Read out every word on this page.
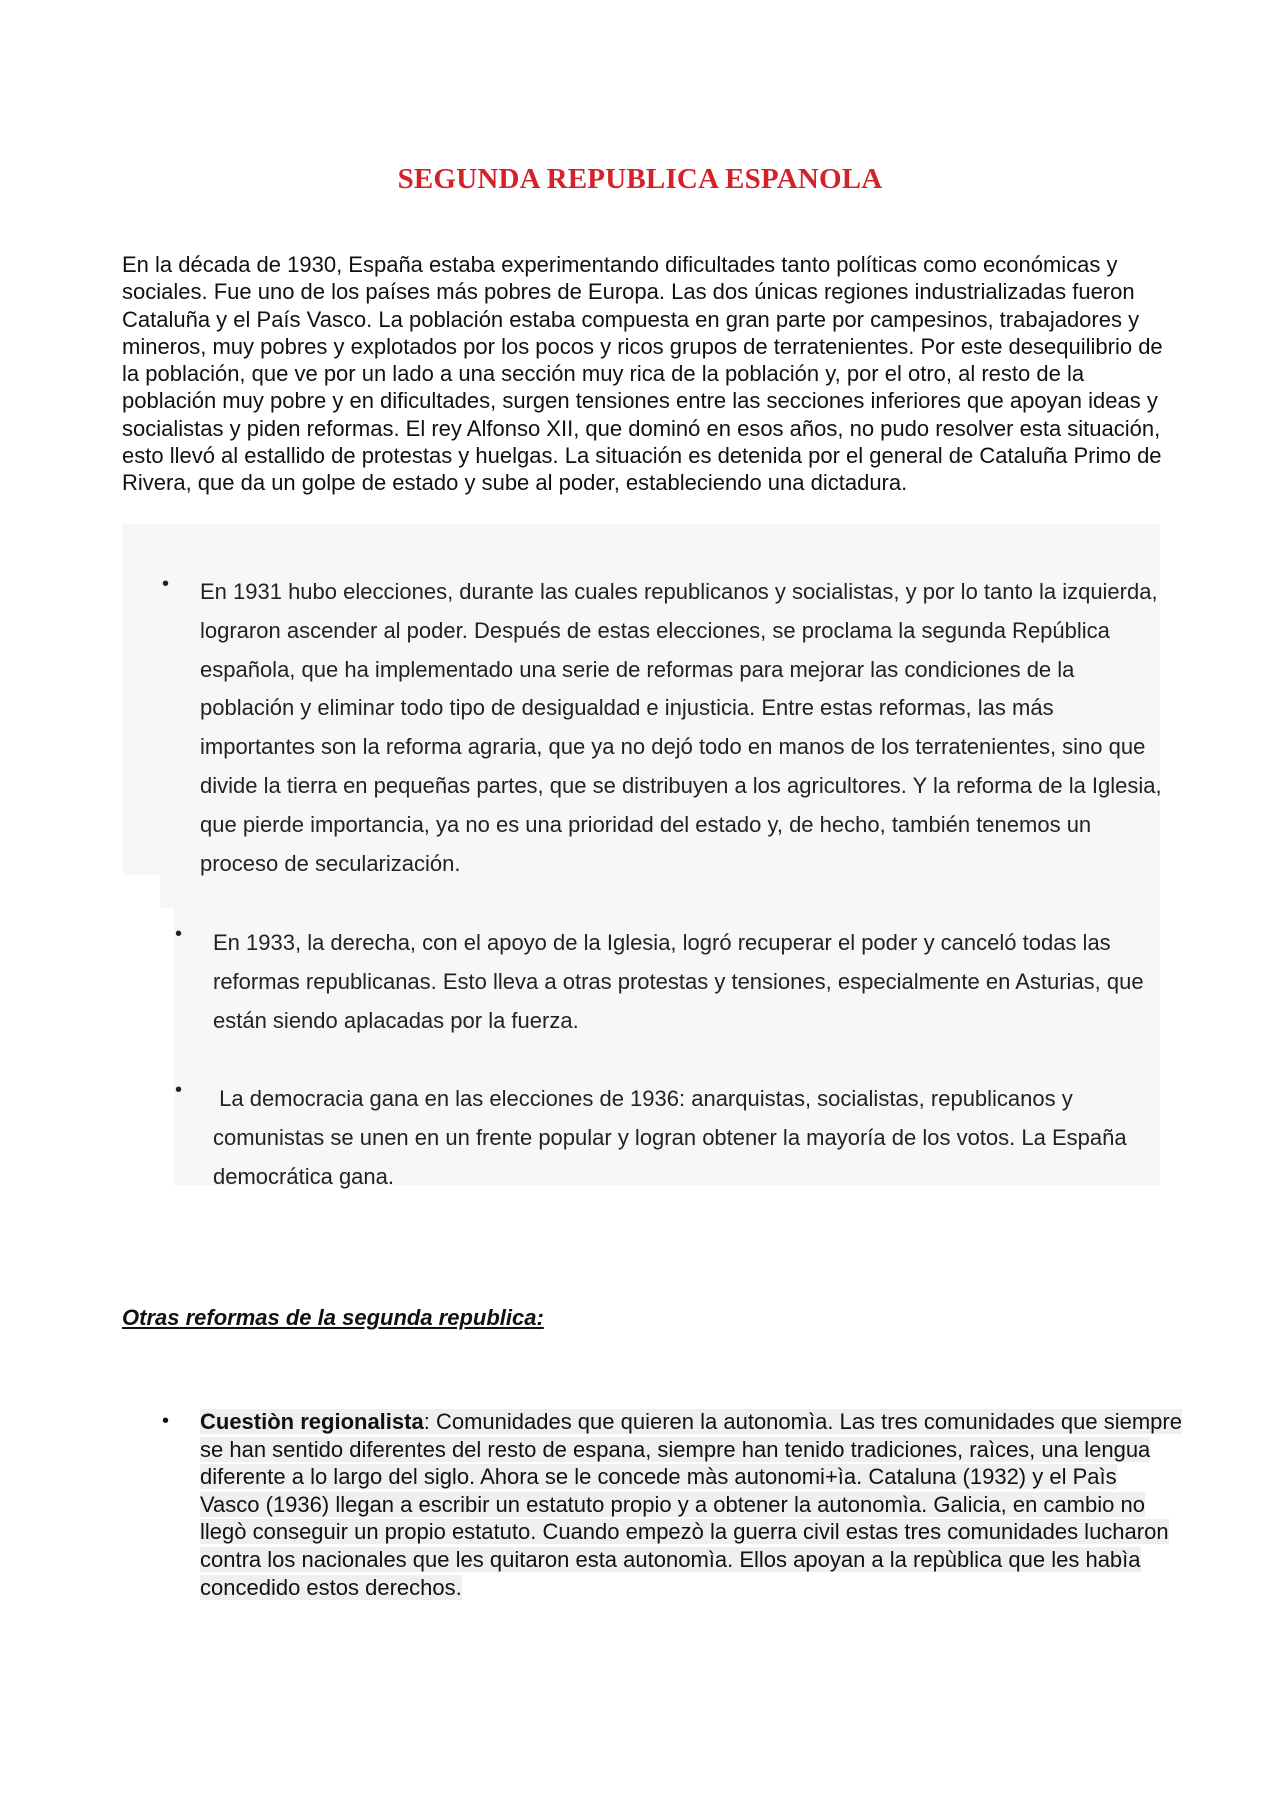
SEGUNDA REPUBLICA ESPANOLA

En la década de 1930, España estaba experimentando dificultades tanto políticas como económicas y sociales. Fue uno de los países más pobres de Europa. Las dos únicas regiones industrializadas fueron Cataluña y el País Vasco. La población estaba compuesta en gran parte por campesinos, trabajadores y mineros, muy pobres y explotados por los pocos y ricos grupos de terratenientes. Por este desequilibrio de la población, que ve por un lado a una sección muy rica de la población y, por el otro, al resto de la población muy pobre y en dificultades, surgen tensiones entre las secciones inferiores que apoyan ideas y socialistas y piden reformas. El rey Alfonso XII, que dominó en esos años, no pudo resolver esta situación, esto llevó al estallido de protestas y huelgas. La situación es detenida por el general de Cataluña Primo de Rivera, que da un golpe de estado y sube al poder, estableciendo una dictadura.

• En 1931 hubo elecciones, durante las cuales republicanos y socialistas, y por lo tanto la izquierda, lograron ascender al poder. Después de estas elecciones, se proclama la segunda República española, que ha implementado una serie de reformas para mejorar las condiciones de la población y eliminar todo tipo de desigualdad e injusticia. Entre estas reformas, las más importantes son la reforma agraria, que ya no dejó todo en manos de los terratenientes, sino que divide la tierra en pequeñas partes, que se distribuyen a los agricultores. Y la reforma de la Iglesia, que pierde importancia, ya no es una prioridad del estado y, de hecho, también tenemos un proceso de secularización.
• En 1933, la derecha, con el apoyo de la Iglesia, logró recuperar el poder y canceló todas las reformas republicanas. Esto lleva a otras protestas y tensiones, especialmente en Asturias, que están siendo aplacadas por la fuerza.
• La democracia gana en las elecciones de 1936: anarquistas, socialistas, republicanos y comunistas se unen en un frente popular y logran obtener la mayoría de los votos. La España democrática gana.

Otras reformas de la segunda republica:

• Cuestiòn regionalista: Comunidades que quieren la autonomìa. Las tres comunidades que siempre se han sentido diferentes del resto de espana, siempre han tenido tradiciones, raìces, una lengua diferente a lo largo del siglo. Ahora se le concede màs autonomi+ìa. Cataluna (1932) y el Paìs Vasco (1936) llegan a escribir un estatuto propio y a obtener la autonomìa. Galicia, en cambio no llegò conseguir un propio estatuto. Cuando empezò la guerra civil estas tres comunidades lucharon contra los nacionales que les quitaron esta autonomìa. Ellos apoyan a la repùblica que les habìa concedido estos derechos.
